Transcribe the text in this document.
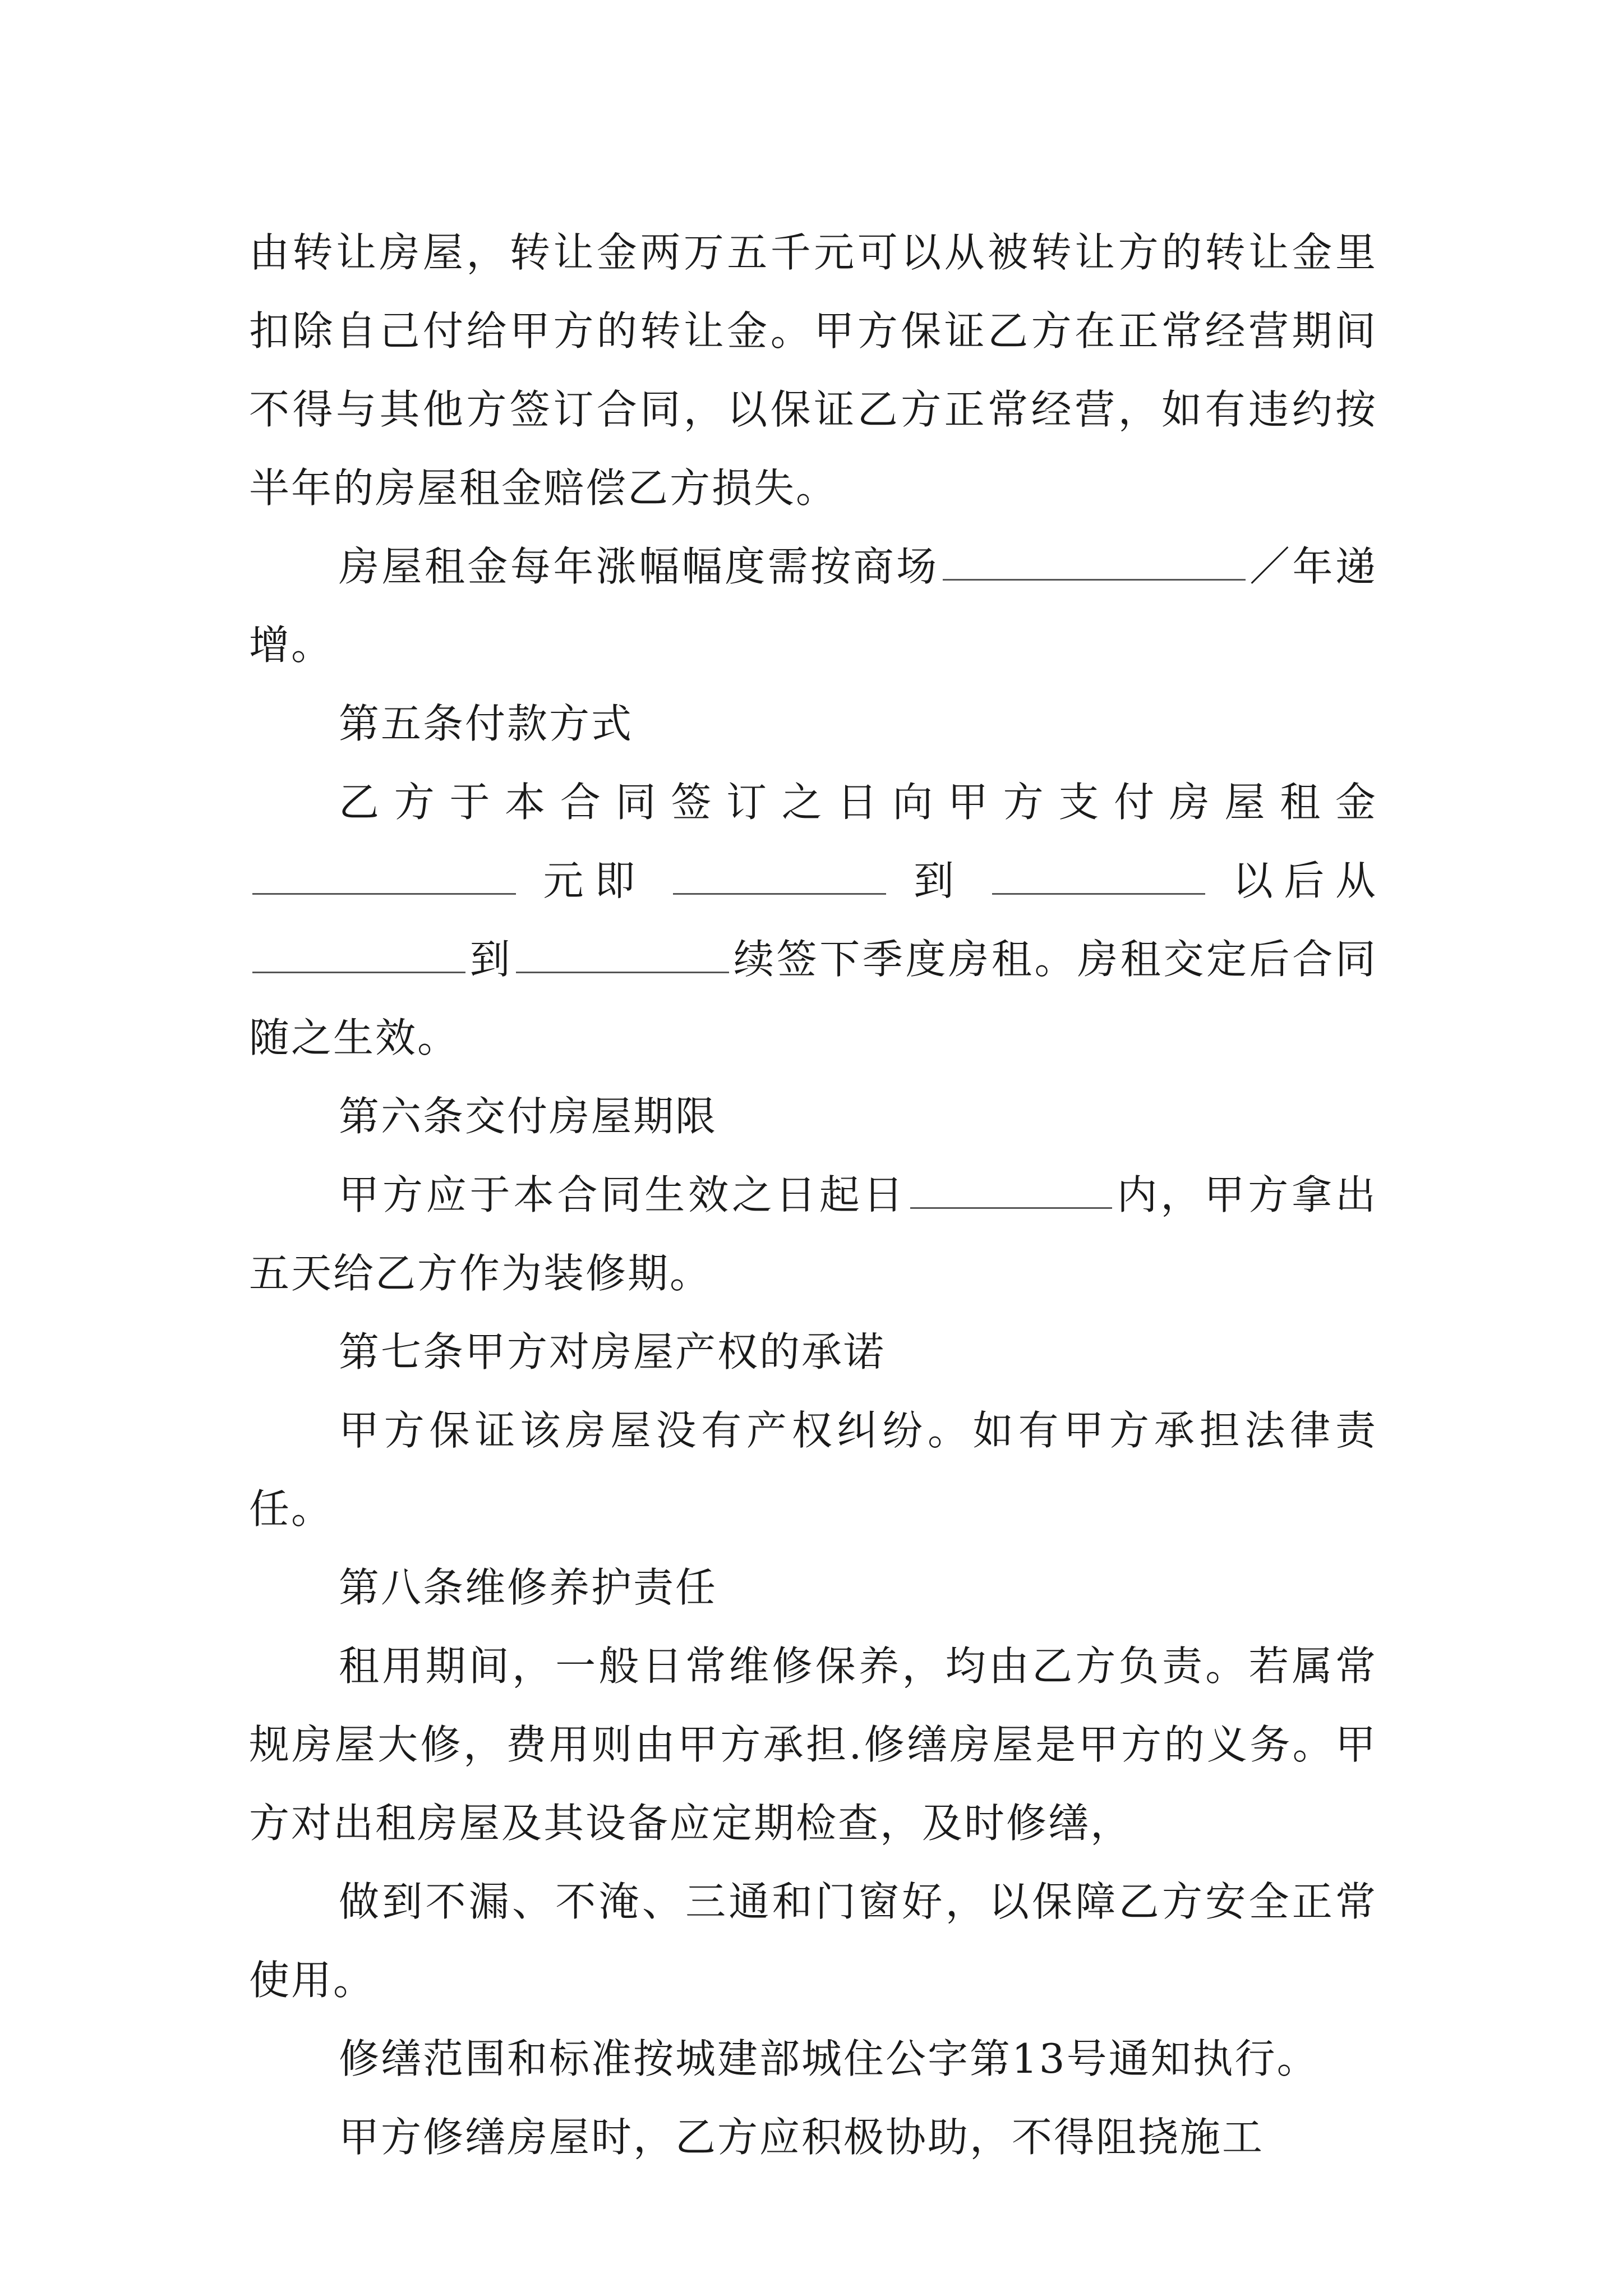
由转让房屋，转让金两万五千元可以从被转让方的转让金里扣除自己付给甲方的转让金。甲方保证乙方在正常经营期间不得与其他方签订合同，以保证乙方正常经营，如有违约按半年的房屋租金赔偿乙方损失。

房屋租金每年涨幅幅度需按商场	／年递增。

第五条付款方式

乙方于本合同签订之日向甲方支付房屋租金

元即	到	以后从

到	续签下季度房租。房租交定后合同随之生效。

第六条交付房屋期限

甲方应于本合同生效之日起日	内，甲方拿出五天给乙方作为装修期。

第七条甲方对房屋产权的承诺

甲方保证该房屋没有产权纠纷。如有甲方承担法律责任。

第八条维修养护责任

租用期间，一般日常维修保养，均由乙方负责。若属常规房屋大修，费用则由甲方承担.修缮房屋是甲方的义务。甲方对出租房屋及其设备应定期检查，及时修缮，

做到不漏、不淹、三通和门窗好，以保障乙方安全正常使用。

修缮范围和标准按城建部城住公字第13号通知执行。

甲方修缮房屋时，乙方应积极协助，不得阻挠施工
